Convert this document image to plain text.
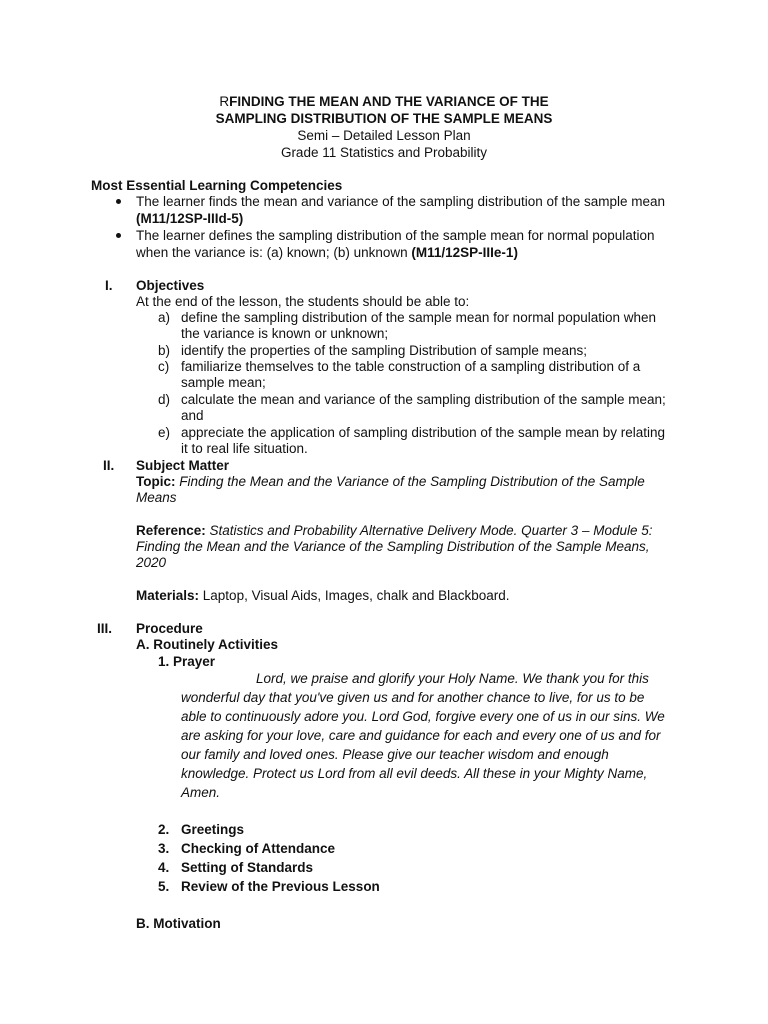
RFINDING THE MEAN AND THE VARIANCE OF THE
SAMPLING DISTRIBUTION OF THE SAMPLE MEANS
Semi – Detailed Lesson Plan
Grade 11 Statistics and Probability
Most Essential Learning Competencies
The learner finds the mean and variance of the sampling distribution of the sample mean
(M11/12SP-IIId-5)
The learner defines the sampling distribution of the sample mean for normal population
when the variance is: (a) known; (b) unknown (M11/12SP-IIIe-1)
I. Objectives
At the end of the lesson, the students should be able to:
a) define the sampling distribution of the sample mean for normal population when
the variance is known or unknown;
b) identify the properties of the sampling Distribution of sample means;
c) familiarize themselves to the table construction of a sampling distribution of a
sample mean;
d) calculate the mean and variance of the sampling distribution of the sample mean;
and
e) appreciate the application of sampling distribution of the sample mean by relating
it to real life situation.
II. Subject Matter
Topic: Finding the Mean and the Variance of the Sampling Distribution of the Sample
Means
Reference: Statistics and Probability Alternative Delivery Mode. Quarter 3 – Module 5:
Finding the Mean and the Variance of the Sampling Distribution of the Sample Means,
2020
Materials: Laptop, Visual Aids, Images, chalk and Blackboard.
III. Procedure
A. Routinely Activities
1. Prayer
Lord, we praise and glorify your Holy Name. We thank you for this
wonderful day that you've given us and for another chance to live, for us to be
able to continuously adore you. Lord God, forgive every one of us in our sins. We
are asking for your love, care and guidance for each and every one of us and for
our family and loved ones. Please give our teacher wisdom and enough
knowledge. Protect us Lord from all evil deeds. All these in your Mighty Name,
Amen.
2. Greetings
3. Checking of Attendance
4. Setting of Standards
5. Review of the Previous Lesson
B. Motivation
